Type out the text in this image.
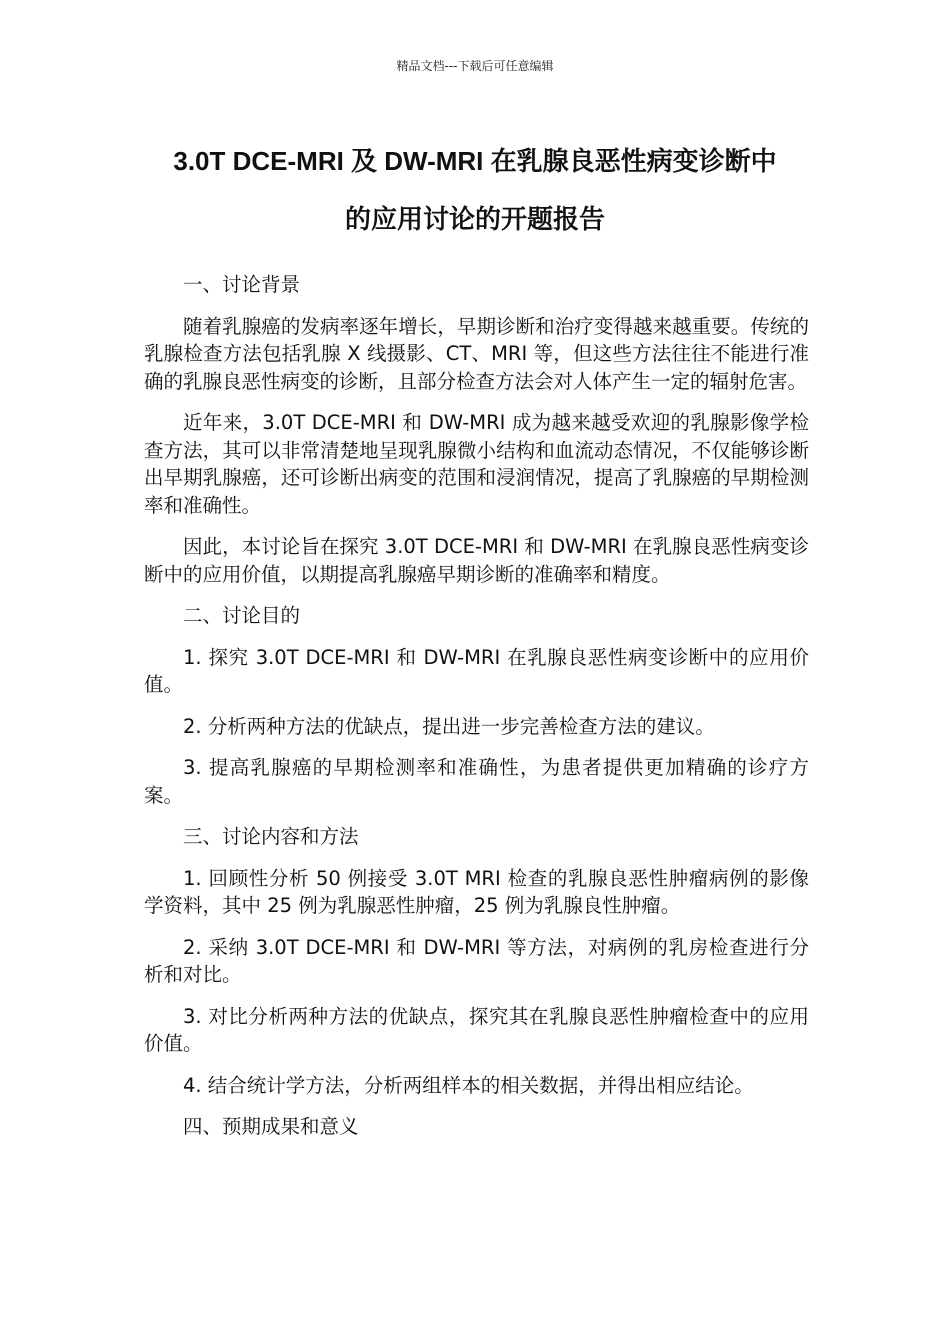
精品文档---下载后可任意编辑
3.0T DCE-MRI 及 DW-MRI 在乳腺良恶性病变诊断中
的应用讨论的开题报告
一、讨论背景

随着乳腺癌的发病率逐年增长，早期诊断和治疗变得越来越重要。传统的乳腺检查方法包括乳腺 X 线摄影、CT、MRI 等，但这些方法往往不能进行准确的乳腺良恶性病变的诊断，且部分检查方法会对人体产生一定的辐射危害。

近年来，3.0T DCE-MRI 和 DW-MRI 成为越来越受欢迎的乳腺影像学检查方法，其可以非常清楚地呈现乳腺微小结构和血流动态情况，不仅能够诊断出早期乳腺癌，还可诊断出病变的范围和浸润情况，提高了乳腺癌的早期检测率和准确性。

因此，本讨论旨在探究 3.0T DCE-MRI 和 DW-MRI 在乳腺良恶性病变诊断中的应用价值，以期提高乳腺癌早期诊断的准确率和精度。

二、讨论目的

1. 探究 3.0T DCE-MRI 和 DW-MRI 在乳腺良恶性病变诊断中的应用价值。

2. 分析两种方法的优缺点，提出进一步完善检查方法的建议。

3. 提高乳腺癌的早期检测率和准确性，为患者提供更加精确的诊疗方案。

三、讨论内容和方法

1. 回顾性分析 50 例接受 3.0T MRI 检查的乳腺良恶性肿瘤病例的影像学资料，其中 25 例为乳腺恶性肿瘤，25 例为乳腺良性肿瘤。

2. 采纳 3.0T DCE-MRI 和 DW-MRI 等方法，对病例的乳房检查进行分析和对比。

3. 对比分析两种方法的优缺点，探究其在乳腺良恶性肿瘤检查中的应用价值。

4. 结合统计学方法，分析两组样本的相关数据，并得出相应结论。

四、预期成果和意义
